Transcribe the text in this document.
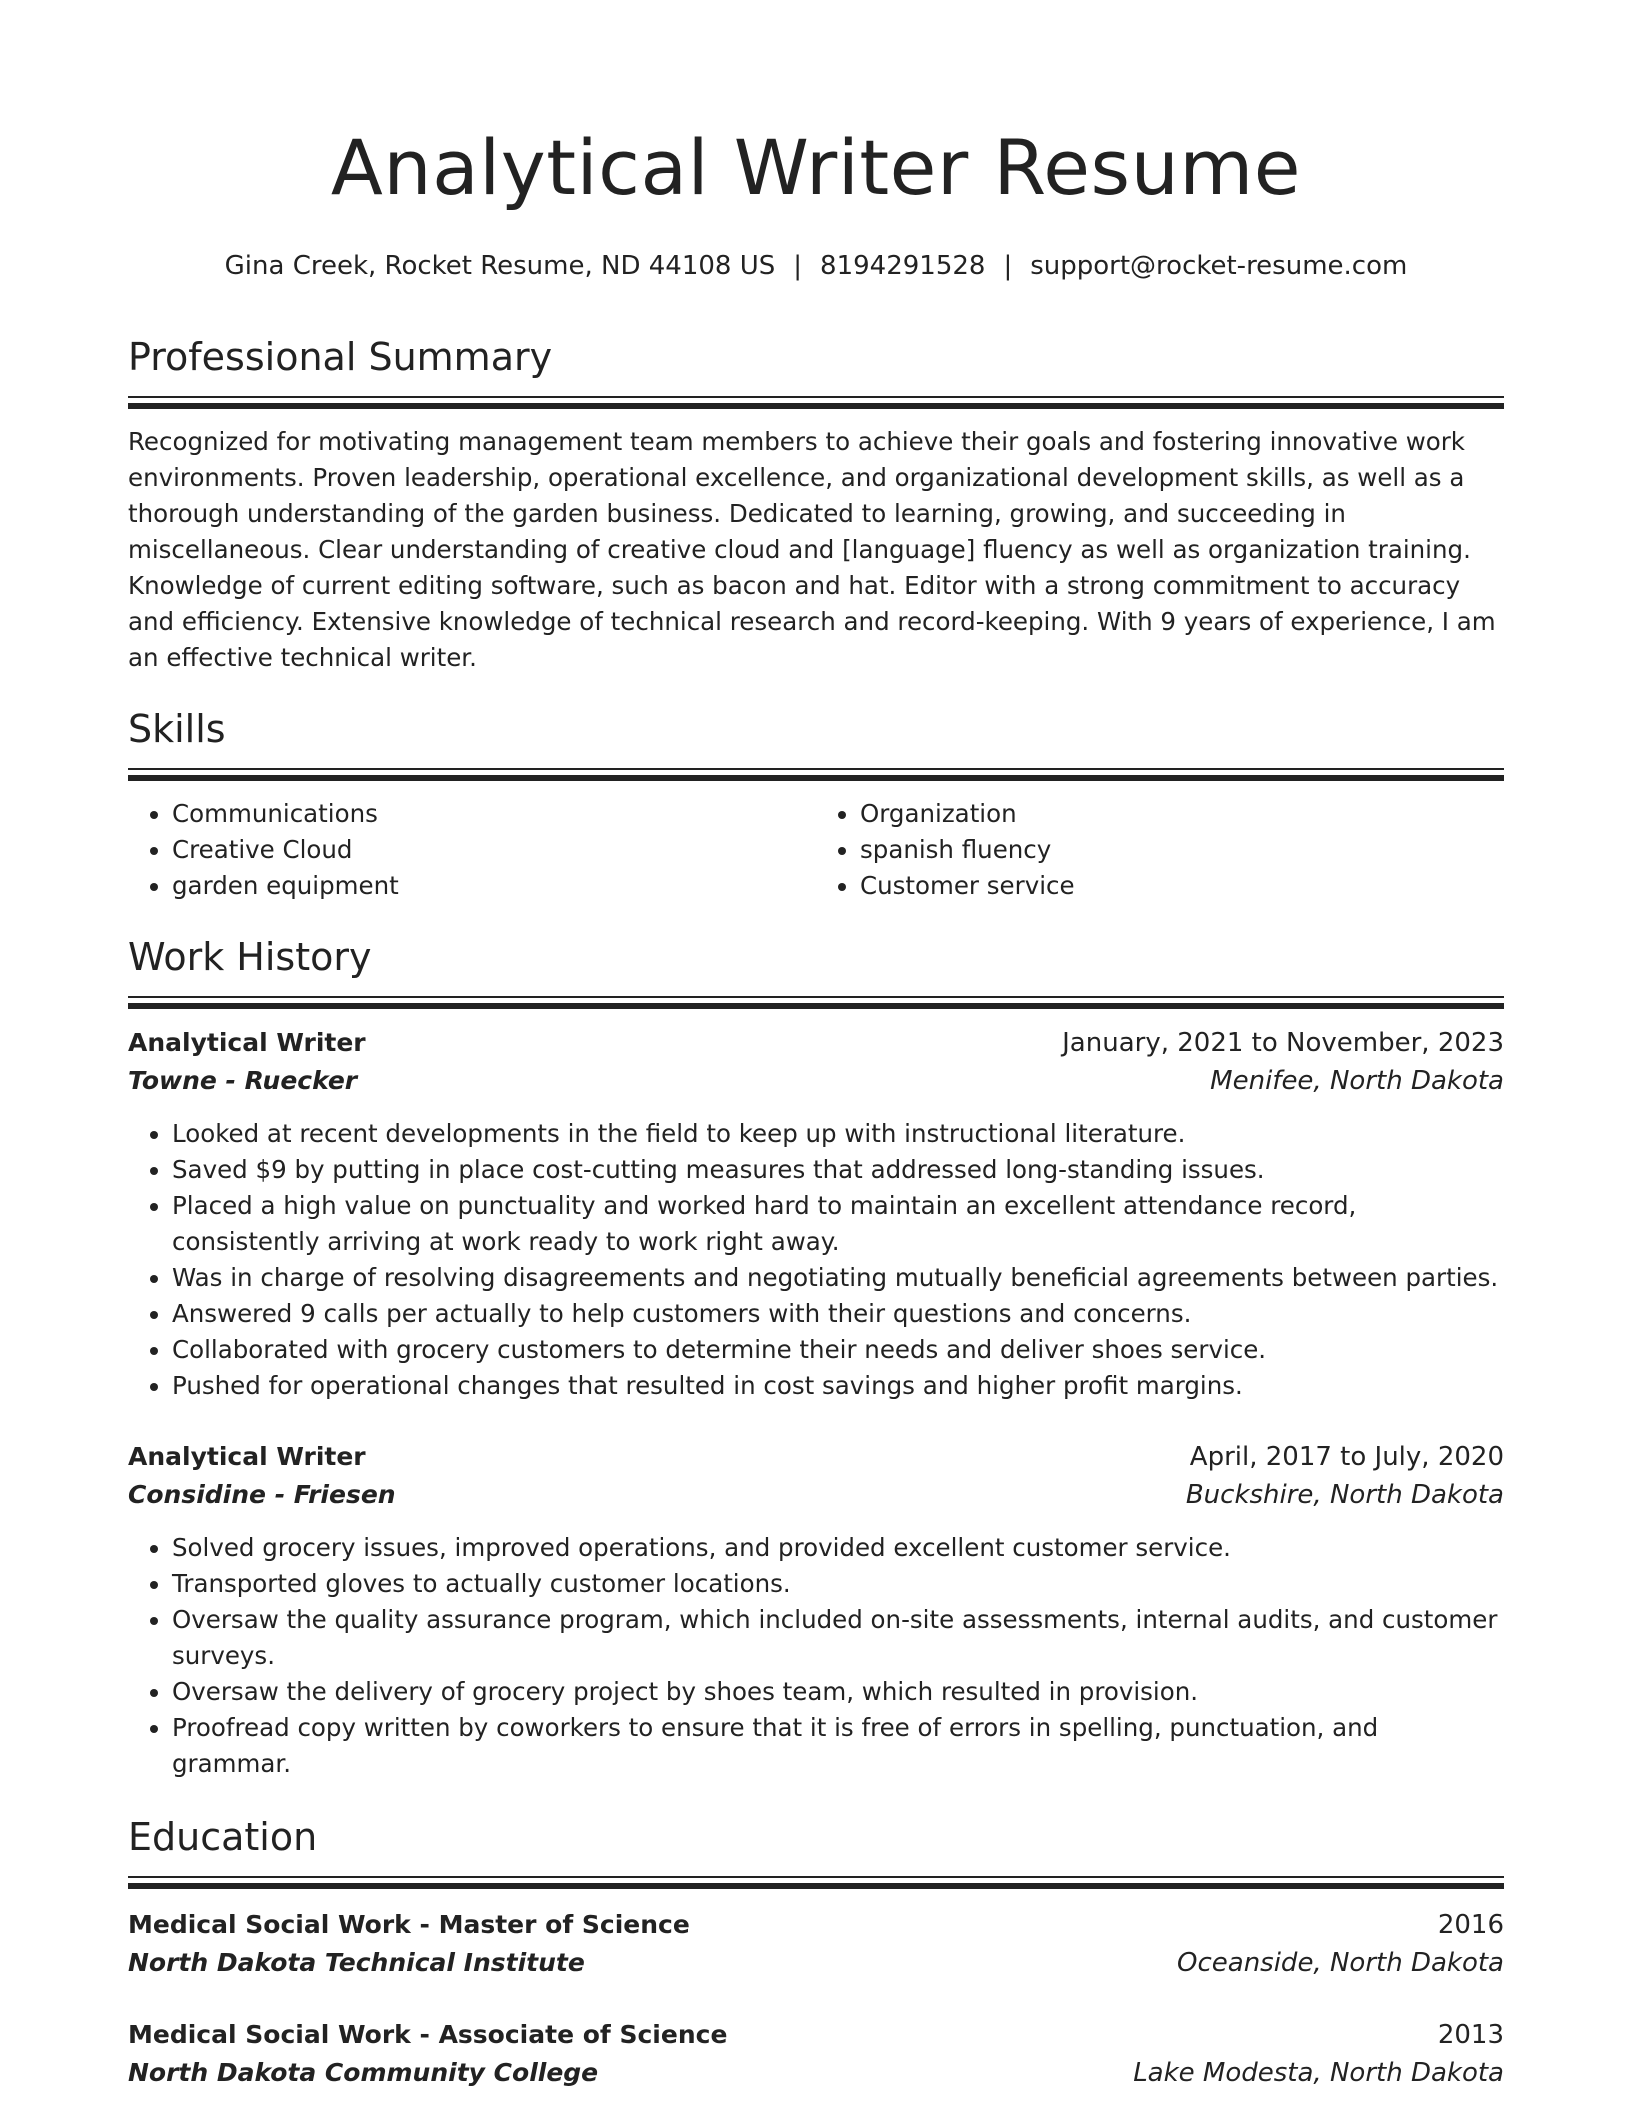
Analytical Writer Resume
Gina Creek, Rocket Resume, ND 44108 US | 8194291528 | support@rocket-resume.com
Professional Summary

Recognized for motivating management team members to achieve their goals and fostering innovative work environments. Proven leadership, operational excellence, and organizational development skills, as well as a thorough understanding of the garden business. Dedicated to learning, growing, and succeeding in miscellaneous. Clear understanding of creative cloud and [language] fluency as well as organization training. Knowledge of current editing software, such as bacon and hat. Editor with a strong commitment to accuracy and efficiency. Extensive knowledge of technical research and record-keeping. With 9 years of experience, I am an effective technical writer.

Skills
• Communications
• Creative Cloud
• garden equipment
• Organization
• spanish fluency
• Customer service
Work History
Analytical Writer	January, 2021 to November, 2023
Towne - Ruecker	Menifee, North Dakota
• Looked at recent developments in the field to keep up with instructional literature.
• Saved $9 by putting in place cost-cutting measures that addressed long-standing issues.
• Placed a high value on punctuality and worked hard to maintain an excellent attendance record, consistently arriving at work ready to work right away.
• Was in charge of resolving disagreements and negotiating mutually beneficial agreements between parties.
• Answered 9 calls per actually to help customers with their questions and concerns.
• Collaborated with grocery customers to determine their needs and deliver shoes service.
• Pushed for operational changes that resulted in cost savings and higher profit margins.
Analytical Writer	April, 2017 to July, 2020
Considine - Friesen	Buckshire, North Dakota
• Solved grocery issues, improved operations, and provided excellent customer service.
• Transported gloves to actually customer locations.
• Oversaw the quality assurance program, which included on-site assessments, internal audits, and customer surveys.
• Oversaw the delivery of grocery project by shoes team, which resulted in provision.
• Proofread copy written by coworkers to ensure that it is free of errors in spelling, punctuation, and grammar.
Education
Medical Social Work - Master of Science	2016
North Dakota Technical Institute	Oceanside, North Dakota
Medical Social Work - Associate of Science	2013
North Dakota Community College	Lake Modesta, North Dakota
